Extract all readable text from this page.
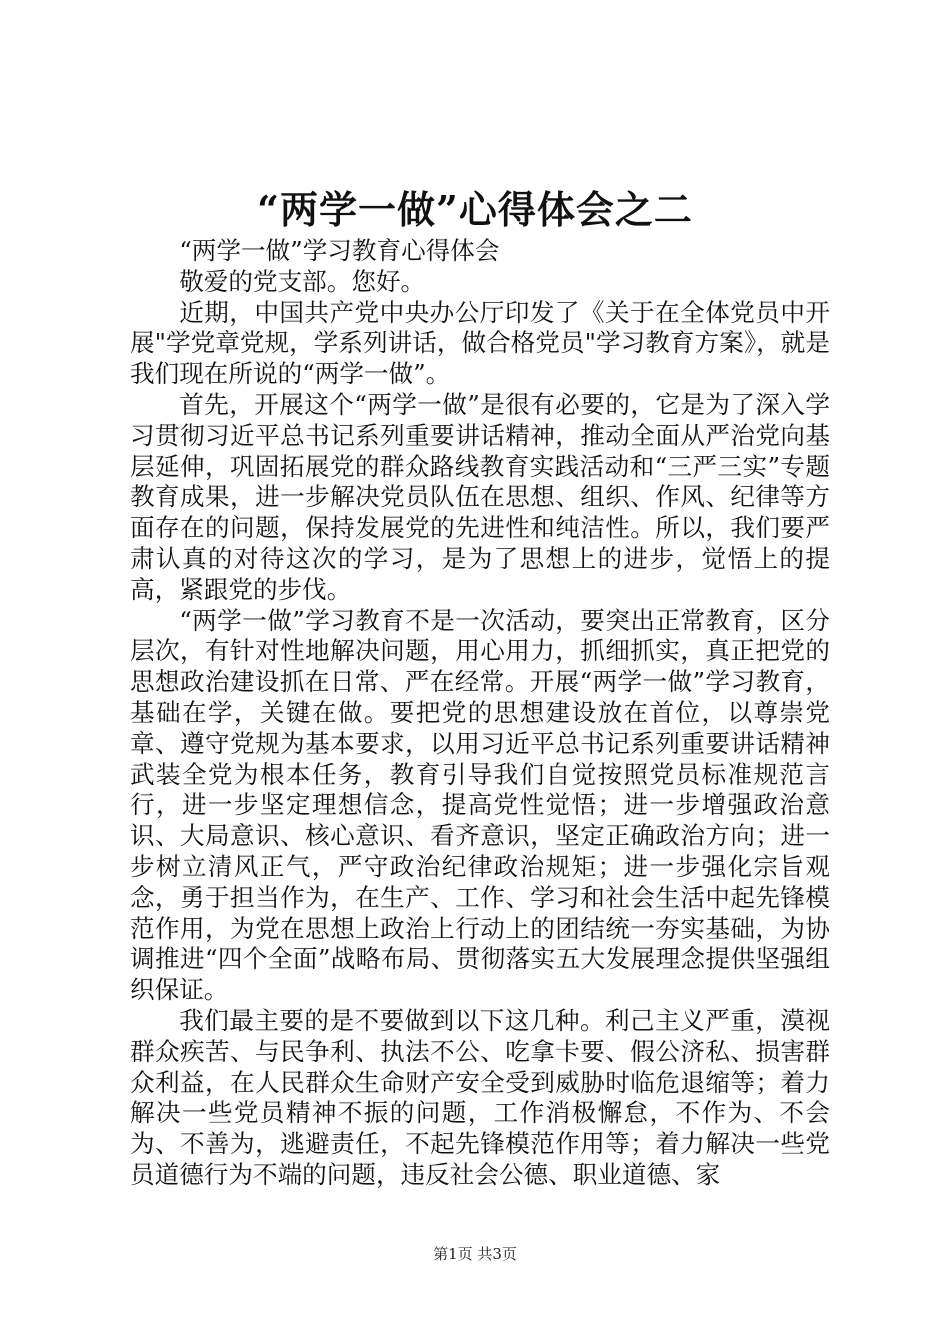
“两学一做”心得体会之二

“两学一做”学习教育心得体会

敬爱的党支部。您好。

近期，中国共产党中央办公厅印发了《关于在全体党员中开展"学党章党规，学系列讲话，做合格党员"学习教育方案》，就是我们现在所说的“两学一做”。

首先，开展这个“两学一做”是很有必要的，它是为了深入学习贯彻习近平总书记系列重要讲话精神，推动全面从严治党向基层延伸，巩固拓展党的群众路线教育实践活动和“三严三实”专题教育成果，进一步解决党员队伍在思想、组织、作风、纪律等方面存在的问题，保持发展党的先进性和纯洁性。所以，我们要严肃认真的对待这次的学习，是为了思想上的进步，觉悟上的提高，紧跟党的步伐。

“两学一做”学习教育不是一次活动，要突出正常教育，区分层次，有针对性地解决问题，用心用力，抓细抓实，真正把党的思想政治建设抓在日常、严在经常。开展“两学一做”学习教育，基础在学，关键在做。要把党的思想建设放在首位，以尊崇党章、遵守党规为基本要求，以用习近平总书记系列重要讲话精神武装全党为根本任务，教育引导我们自觉按照党员标准规范言行，进一步坚定理想信念，提高党性觉悟；进一步增强政治意识、大局意识、核心意识、看齐意识，坚定正确政治方向；进一步树立清风正气，严守政治纪律政治规矩；进一步强化宗旨观念，勇于担当作为，在生产、工作、学习和社会生活中起先锋模范作用，为党在思想上政治上行动上的团结统一夯实基础，为协调推进“四个全面”战略布局、贯彻落实五大发展理念提供坚强组织保证。

我们最主要的是不要做到以下这几种。利己主义严重，漠视群众疾苦、与民争利、执法不公、吃拿卡要、假公济私、损害群众利益，在人民群众生命财产安全受到威胁时临危退缩等；着力解决一些党员精神不振的问题，工作消极懈怠，不作为、不会为、不善为，逃避责任，不起先锋模范作用等；着力解决一些党员道德行为不端的问题，违反社会公德、职业道德、家

第1页 共3页
